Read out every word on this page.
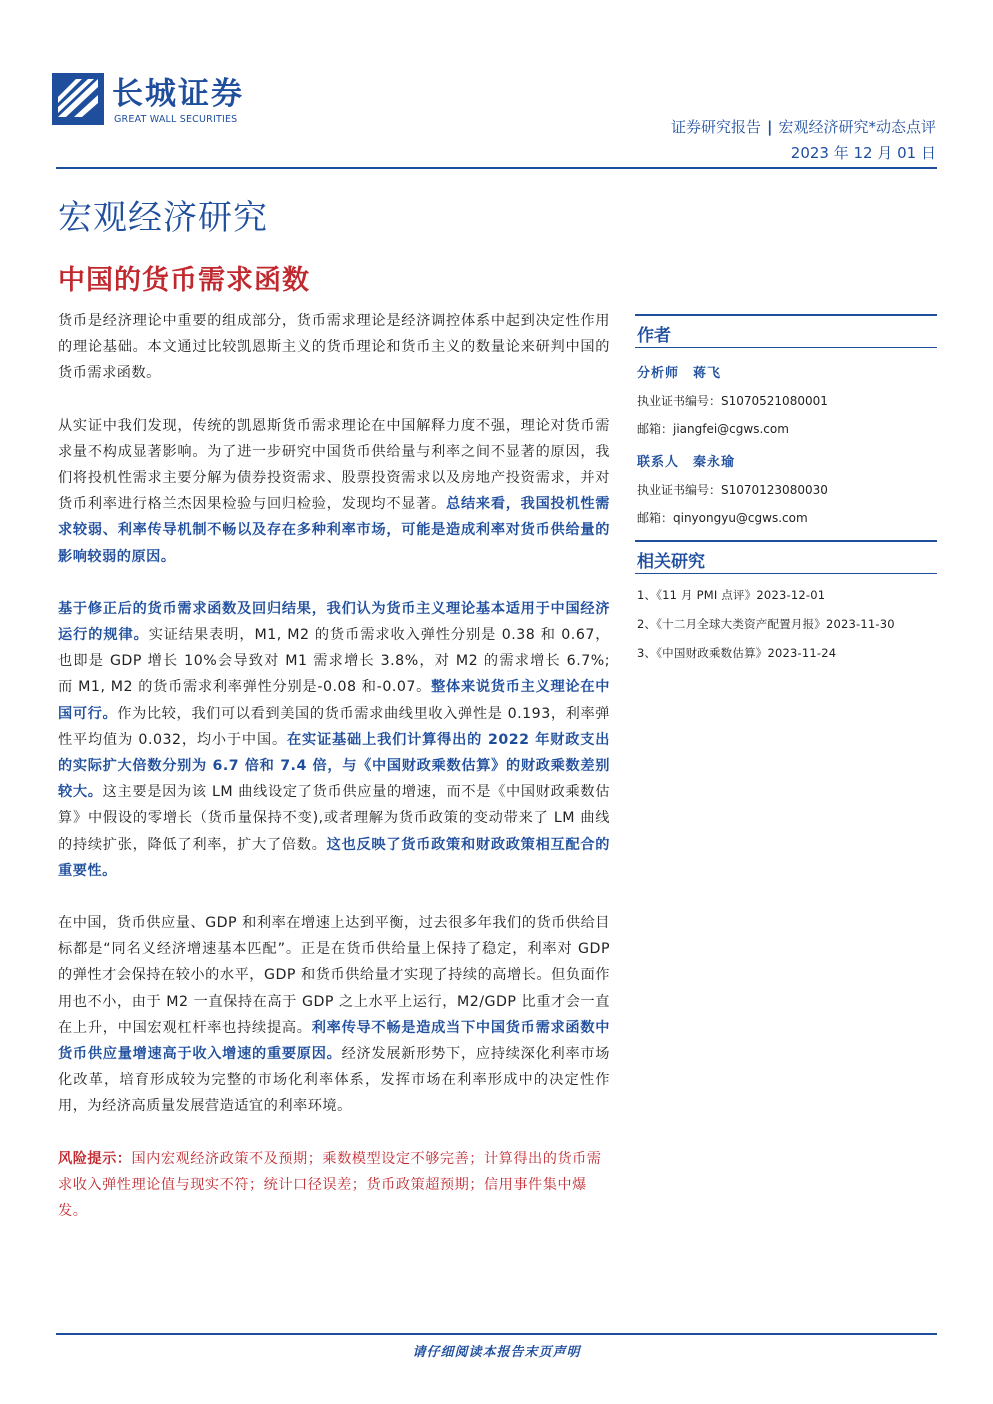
长城证券
GREAT WALL SECURITIES	证券研究报告 | 宏观经济研究*动态点评
2023 年 12 月 01 日
宏观经济研究
中国的货币需求函数
货币是经济理论中重要的组成部分，货币需求理论是经济调控体系中起到决定性作用的理论基础。本文通过比较凯恩斯主义的货币理论和货币主义的数量论来研判中国的货币需求函数。
从实证中我们发现，传统的凯恩斯货币需求理论在中国解释力度不强，理论对货币需求量不构成显著影响。为了进一步研究中国货币供给量与利率之间不显著的原因，我们将投机性需求主要分解为债券投资需求、股票投资需求以及房地产投资需求，并对货币利率进行格兰杰因果检验与回归检验，发现均不显著。总结来看，我国投机性需求较弱、利率传导机制不畅以及存在多种利率市场，可能是造成利率对货币供给量的影响较弱的原因。
基于修正后的货币需求函数及回归结果，我们认为货币主义理论基本适用于中国经济运行的规律。实证结果表明，M1, M2 的货币需求收入弹性分别是 0.38 和 0.67，也即是 GDP 增长 10%会导致对 M1 需求增长 3.8%，对 M2 的需求增长 6.7%;　而 M1, M2 的货币需求利率弹性分别是-0.08 和-0.07。整体来说货币主义理论在中国可行。作为比较，我们可以看到美国的货币需求曲线里收入弹性是 0.193，利率弹性平均值为 0.032，均小于中国。在实证基础上我们计算得出的 2022 年财政支出的实际扩大倍数分别为 6.7 倍和 7.4 倍，与《中国财政乘数估算》的财政乘数差别较大。这主要是因为该 LM 曲线设定了货币供应量的增速，而不是《中国财政乘数估算》中假设的零增长（货币量保持不变),或者理解为货币政策的变动带来了 LM 曲线的持续扩张，降低了利率，扩大了倍数。这也反映了货币政策和财政政策相互配合的重要性。
在中国，货币供应量、GDP 和利率在增速上达到平衡，过去很多年我们的货币供给目标都是“同名义经济增速基本匹配”。正是在货币供给量上保持了稳定，利率对 GDP 的弹性才会保持在较小的水平，GDP 和货币供给量才实现了持续的高增长。但负面作用也不小，由于 M2 一直保持在高于 GDP 之上水平上运行，M2/GDP 比重才会一直在上升，中国宏观杠杆率也持续提高。利率传导不畅是造成当下中国货币需求函数中货币供应量增速高于收入增速的重要原因。经济发展新形势下，应持续深化利率市场化改革，培育形成较为完整的市场化利率体系，发挥市场在利率形成中的决定性作用，为经济高质量发展营造适宜的利率环境。
风险提示：国内宏观经济政策不及预期；乘数模型设定不够完善；计算得出的货币需求收入弹性理论值与现实不符；统计口径误差；货币政策超预期；信用事件集中爆发。
作者
分析师　蒋飞
执业证书编号：S1070521080001
邮箱：jiangfei@cgws.com
联系人　秦永瑜
执业证书编号：S1070123080030
邮箱：qinyongyu@cgws.com
相关研究
1、《11 月 PMI 点评》2023-12-01
2、《十二月全球大类资产配置月报》2023-11-30
3、《中国财政乘数估算》2023-11-24
请仔细阅读本报告末页声明
